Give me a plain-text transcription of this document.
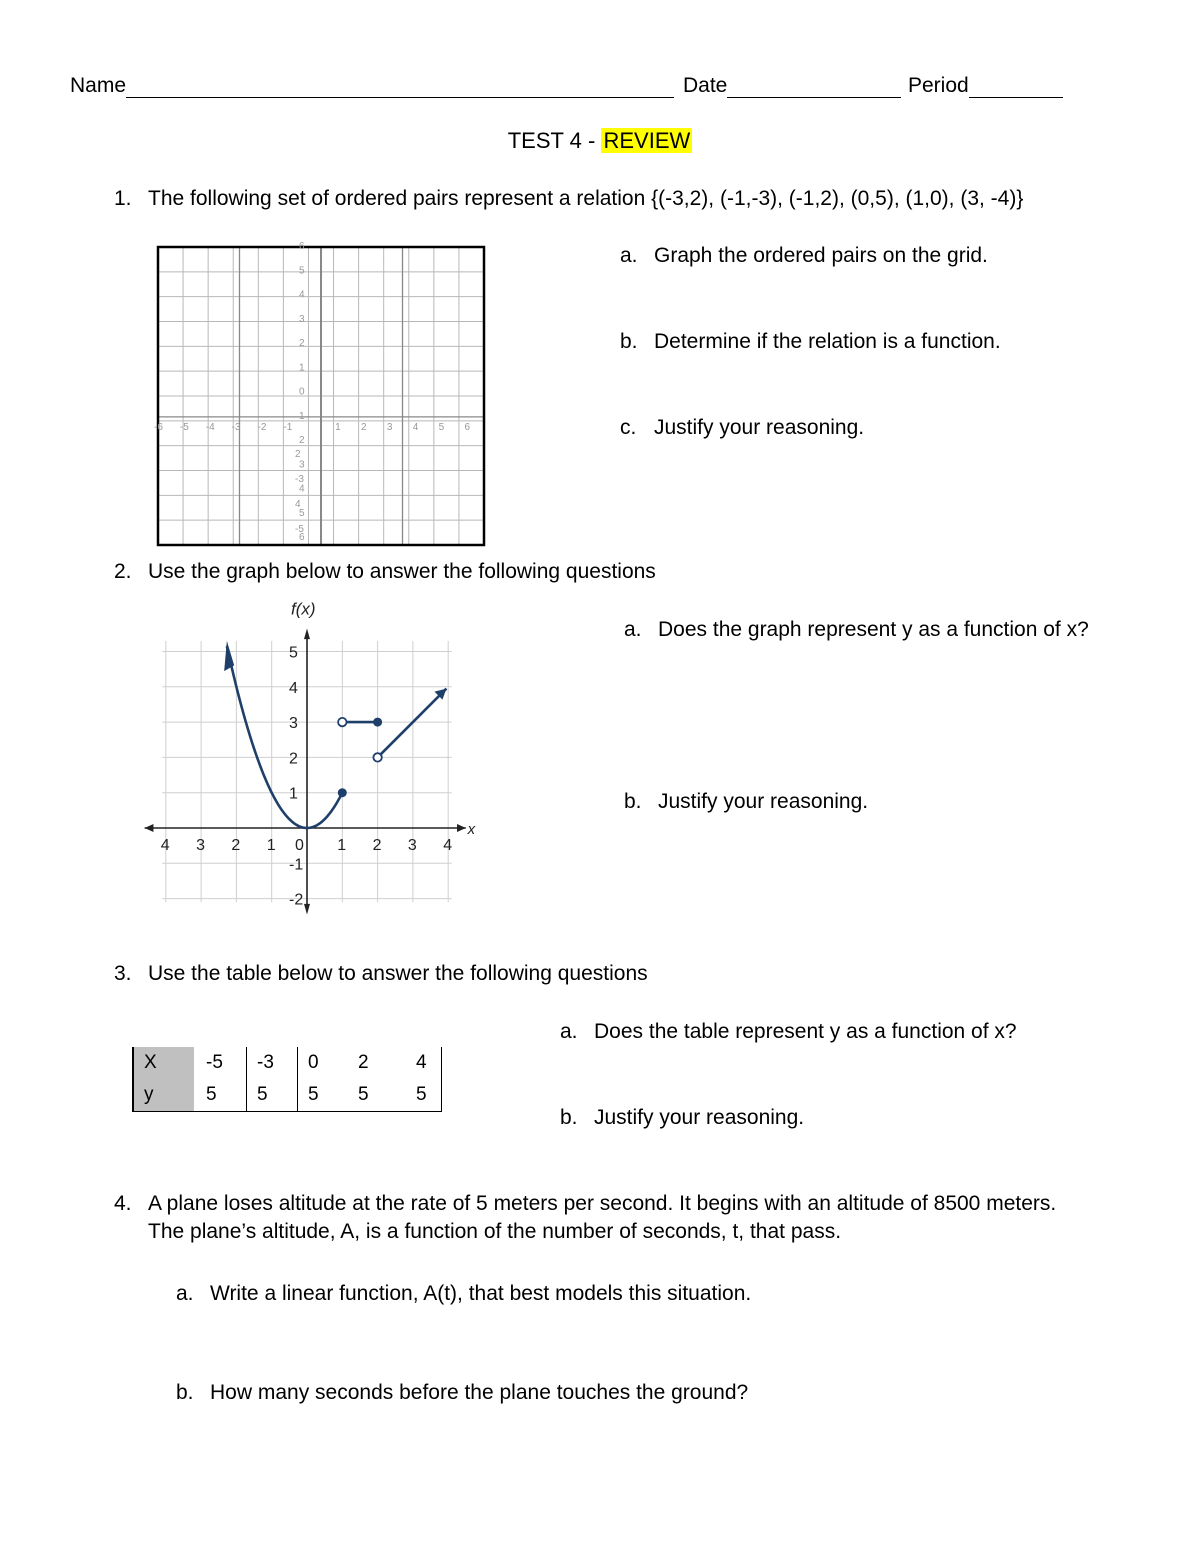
Name	Date	Period
TEST 4 - REVIEW
1. The following set of ordered pairs represent a relation {(-3,2), (-1,-3), (-1,2), (0,5), (1,0), (3, -4)}
6
5
4
3
2
1
0
1
2
3
4
5
6
2
-3
4
-5
-6 -5 -4 -3 -2 -1	1 2 3 4 5 6
a. Graph the ordered pairs on the grid.
b. Determine if the relation is a function.
c. Justify your reasoning.
2. Use the graph below to answer the following questions
f(x)
x
5
4
3
2
1
-1
-2
4 3 2 1 0 1 2 3 4
a. Does the graph represent y as a function of x?
b. Justify your reasoning.
3. Use the table below to answer the following questions
X	-5	-3	0	2	4
y	5	5	5	5	5
a. Does the table represent y as a function of x?
b. Justify your reasoning.
4. A plane loses altitude at the rate of 5 meters per second. It begins with an altitude of 8500 meters.
The plane’s altitude, A, is a function of the number of seconds, t, that pass.
a. Write a linear function, A(t), that best models this situation.
b. How many seconds before the plane touches the ground?
